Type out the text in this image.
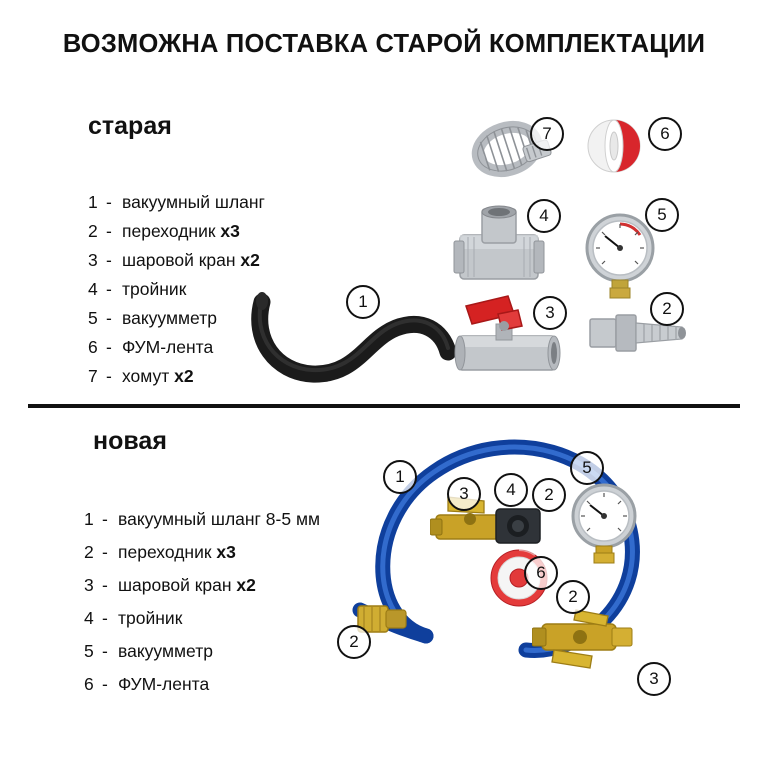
ВОЗМОЖНА ПОСТАВКА СТАРОЙ КОМПЛЕКТАЦИИ
старая
1 - вакуумный шланг
2 - переходник x3
3 - шаровой кран x2
4 - тройник
5 - вакуумметр
6 - ФУМ-лента
7 - хомут x2
1	2
3
4	5
6
7
новая
1 - вакуумный шланг 8-5 мм
2 - переходник x3
3 - шаровой кран x2
4 - тройник
5 - вакуумметр
6 - ФУМ-лента
1
3	4	2
5
6
2
2
3
